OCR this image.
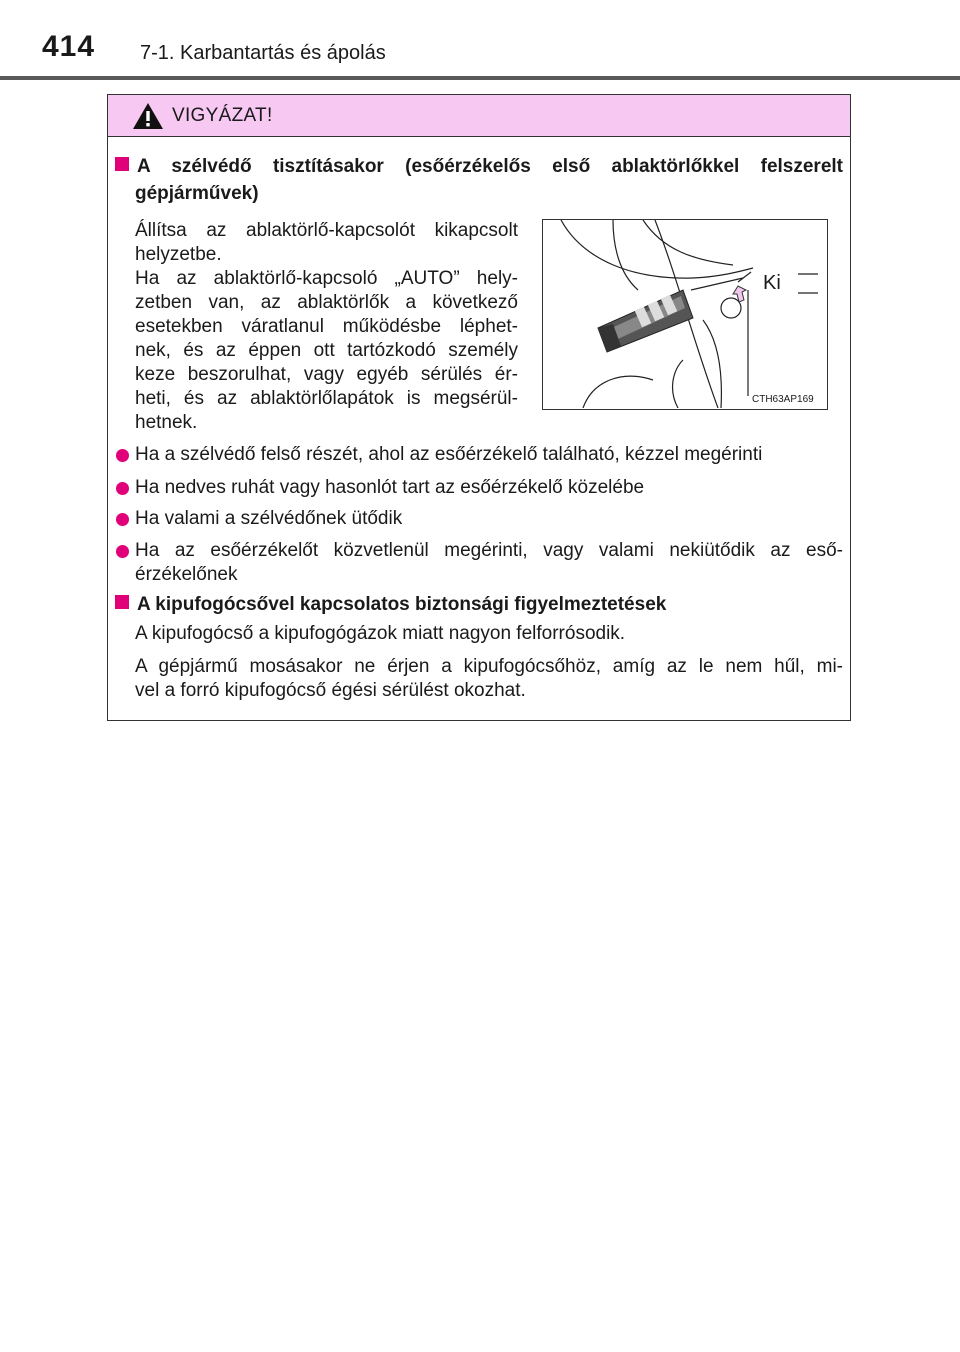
414 7-1. Karbantartás és ápolás
VIGYÁZAT!
A szélvédő tisztításakor (esőérzékelős első ablaktörlőkkel felszerelt
gépjárművek)
Állítsa az ablaktörlő-kapcsolót kikapcsolt
helyzetbe.
Ha az ablaktörlő-kapcsoló „AUTO” hely-
zetben van, az ablaktörlők a következő
esetekben váratlanul működésbe léphet-
nek, és az éppen ott tartózkodó személy
keze beszorulhat, vagy egyéb sérülés ér-
heti, és az ablaktörlőlapátok is megsérül-
hetnek.
Ki
CTH63AP169
Ha a szélvédő felső részét, ahol az esőérzékelő található, kézzel megérinti
Ha nedves ruhát vagy hasonlót tart az esőérzékelő közelébe
Ha valami a szélvédőnek ütődik
Ha az esőérzékelőt közvetlenül megérinti, vagy valami nekiütődik az eső-
érzékelőnek
A kipufogócsővel kapcsolatos biztonsági figyelmeztetések
A kipufogócső a kipufogógázok miatt nagyon felforrósodik.
A gépjármű mosásakor ne érjen a kipufogócsőhöz, amíg az le nem hűl, mi-
vel a forró kipufogócső égési sérülést okozhat.
